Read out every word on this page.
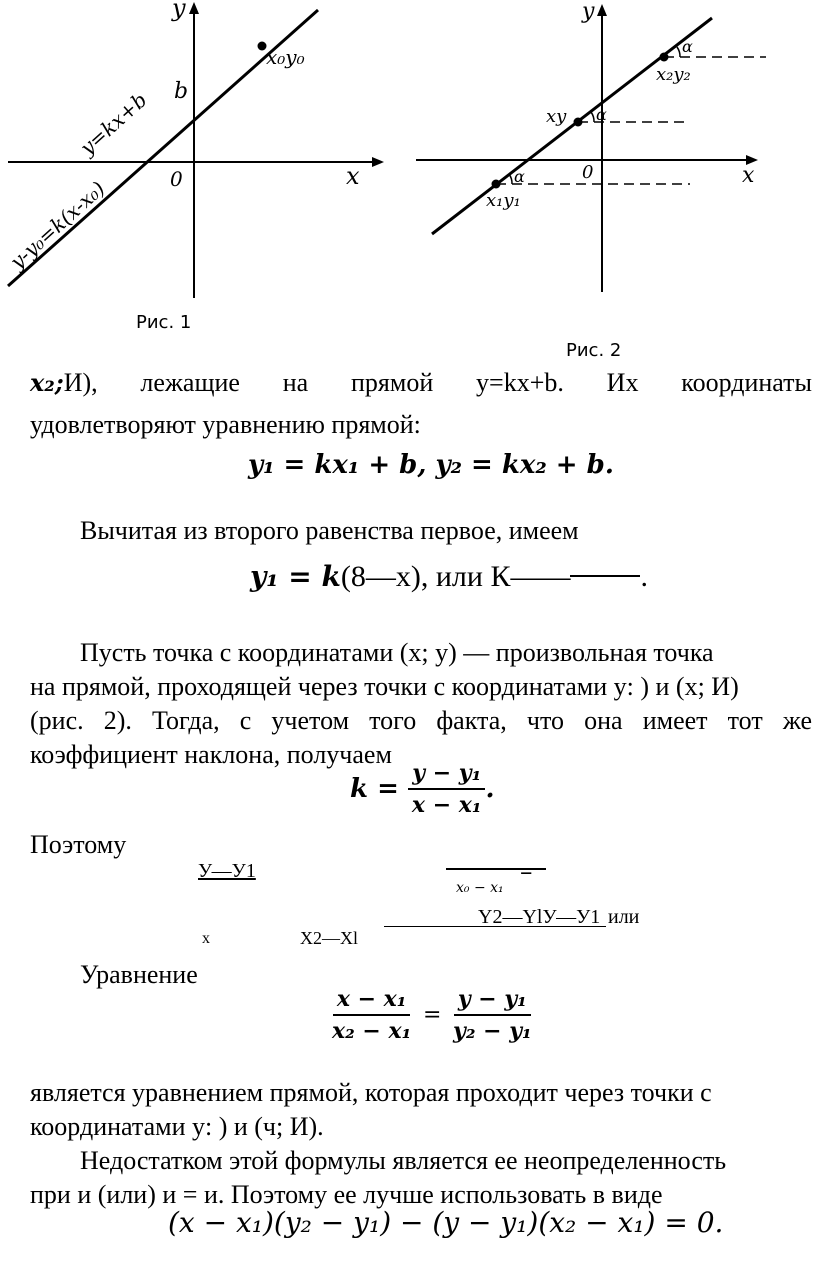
y
x
0
b
x₀y₀
y=kx+b
y-y₀=k(x-x₀)
Рис. 1
y
x
0
x₁y₁
x₂y₂
xy
α
α
α
Рис. 2
x₂;И), лежащие на прямой y=kx+b. Их координаты
удовлетворяют уравнению прямой:
y₁ = kx₁ + b, y₂ = kx₂ + b.
Вычитая из второго равенства первое, имеем
y₁ = k(8—x), или К—— .
Пусть точка с координатами (x; y) — произвольная точка
на прямой, проходящей через точки с координатами y: ) и (x; И)
(рис. 2). Тогда, с учетом того факта, что она имеет тот же
коэффициент наклона, получаем
$k = \frac{\text{y − y₁}}{\text{x − x₁}}$ .
Поэтому
У—У1	=
x₀ − x₁
Y2—YlУ—У1 или
x	X2—Xl
Уравнение
$\frac{\text{x − x₁}}{\text{x₂ − x₁}} = \frac{\text{y − y₁}}{\text{y₂ − y₁}}$
является уравнением прямой, которая проходит через точки с
координатами y: ) и (ч; И).
Недостатком этой формулы является ее неопределенность
при и (или) и = и. Поэтому ее лучше использовать в виде
(x − x₁)(y₂ − y₁) − (y − y₁)(x₂ − x₁) = 0.
